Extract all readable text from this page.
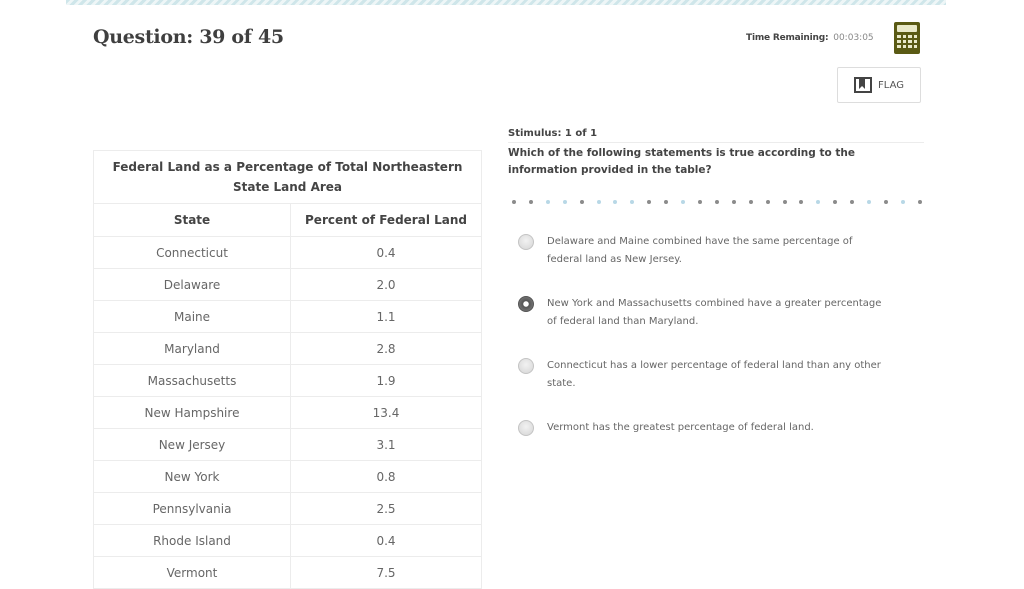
Question: 39 of 45	Time Remaining: 00:03:05
FLAG
Federal Land as a Percentage of Total Northeastern State Land Area	
State	Percent of Federal Land
Connecticut	0.4
Delaware	2.0
Maine	1.1
Maryland	2.8
Massachusetts	1.9
New Hampshire	13.4
New Jersey	3.1
New York	0.8
Pennsylvania	2.5
Rhode Island	0.4
Vermont	7.5
Stimulus: 1 of 1
Which of the following statements is true according to the information provided in the table?
Delaware and Maine combined have the same percentage of federal land as New Jersey.
New York and Massachusetts combined have a greater percentage of federal land than Maryland.
Connecticut has a lower percentage of federal land than any other state.
Vermont has the greatest percentage of federal land.
